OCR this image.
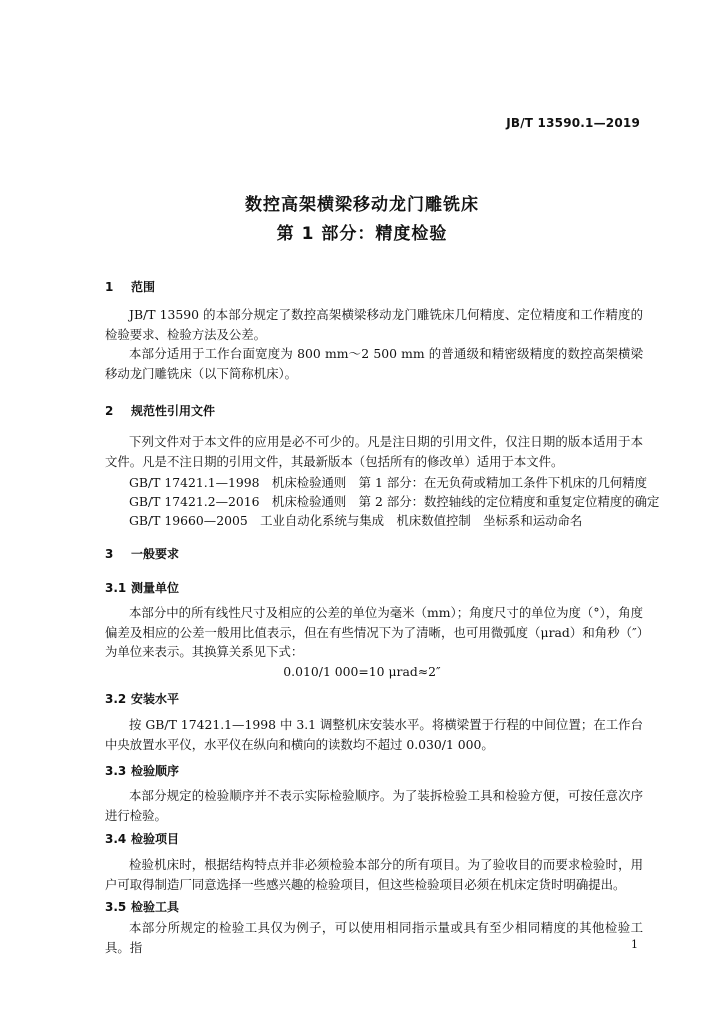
JB/T 13590.1—2019
数控高架横梁移动龙门雕铣床
第 1 部分：精度检验
1 范围

JB/T 13590 的本部分规定了数控高架横梁移动龙门雕铣床几何精度、定位精度和工作精度的检验要求、检验方法及公差。

本部分适用于工作台面宽度为 800 mm～2 500 mm 的普通级和精密级精度的数控高架横梁移动龙门雕铣床（以下简称机床）。

2 规范性引用文件

下列文件对于本文件的应用是必不可少的。凡是注日期的引用文件，仅注日期的版本适用于本文件。凡是不注日期的引用文件，其最新版本（包括所有的修改单）适用于本文件。

GB/T 17421.1—1998　机床检验通则　第 1 部分：在无负荷或精加工条件下机床的几何精度
GB/T 17421.2—2016　机床检验通则　第 2 部分：数控轴线的定位精度和重复定位精度的确定
GB/T 19660—2005　工业自动化系统与集成　机床数值控制　坐标系和运动命名
3 一般要求
3.1 测量单位

本部分中的所有线性尺寸及相应的公差的单位为毫米（mm）；角度尺寸的单位为度（°），角度偏差及相应的公差一般用比值表示，但在有些情况下为了清晰，也可用微弧度（μrad）和角秒（″）为单位来表示。其换算关系见下式：

0.010/1 000=10 μrad≈2″
3.2 安装水平

按 GB/T 17421.1—1998 中 3.1 调整机床安装水平。将横梁置于行程的中间位置；在工作台中央放置水平仪，水平仪在纵向和横向的读数均不超过 0.030/1 000。

3.3 检验顺序

本部分规定的检验顺序并不表示实际检验顺序。为了装拆检验工具和检验方便，可按任意次序进行检验。

3.4 检验项目

检验机床时，根据结构特点并非必须检验本部分的所有项目。为了验收目的而要求检验时，用户可取得制造厂同意选择一些感兴趣的检验项目，但这些检验项目必须在机床定货时明确提出。

3.5 检验工具

本部分所规定的检验工具仅为例子，可以使用相同指示量或具有至少相同精度的其他检验工具。指	1
